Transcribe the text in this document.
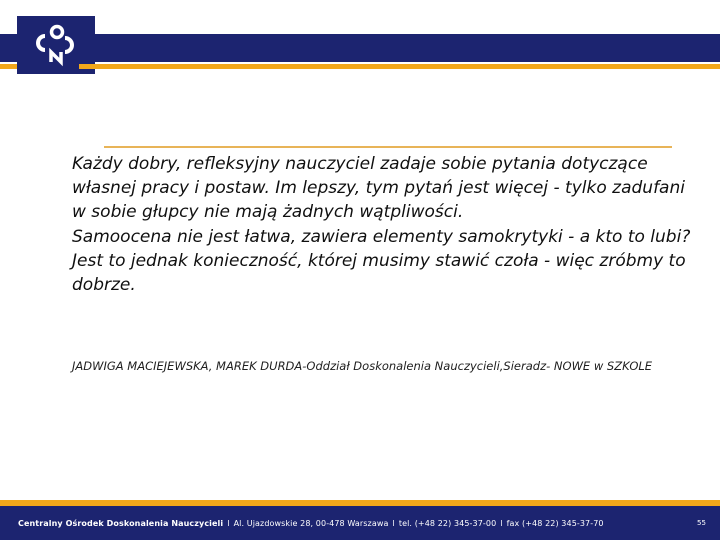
Każdy dobry, refleksyjny nauczyciel zadaje sobie pytania dotyczące własnej pracy i postaw. Im lepszy, tym pytań jest więcej - tylko zadufani w sobie głupcy nie mają żadnych wątpliwości.

Samoocena nie jest łatwa, zawiera elementy samokrytyki - a kto to lubi? Jest to jednak konieczność, której musimy stawić czoła - więc zróbmy to dobrze.

JADWIGA MACIEJEWSKA, MAREK DURDA-Oddział Doskonalenia Nauczycieli,Sieradz- NOWE w SZKOLE
Centralny Ośrodek Doskonalenia Nauczycieli l Al. Ujazdowskie 28, 00-478 Warszawa l tel. (+48 22) 345-37-00 l fax (+48 22) 345-37-70	55
